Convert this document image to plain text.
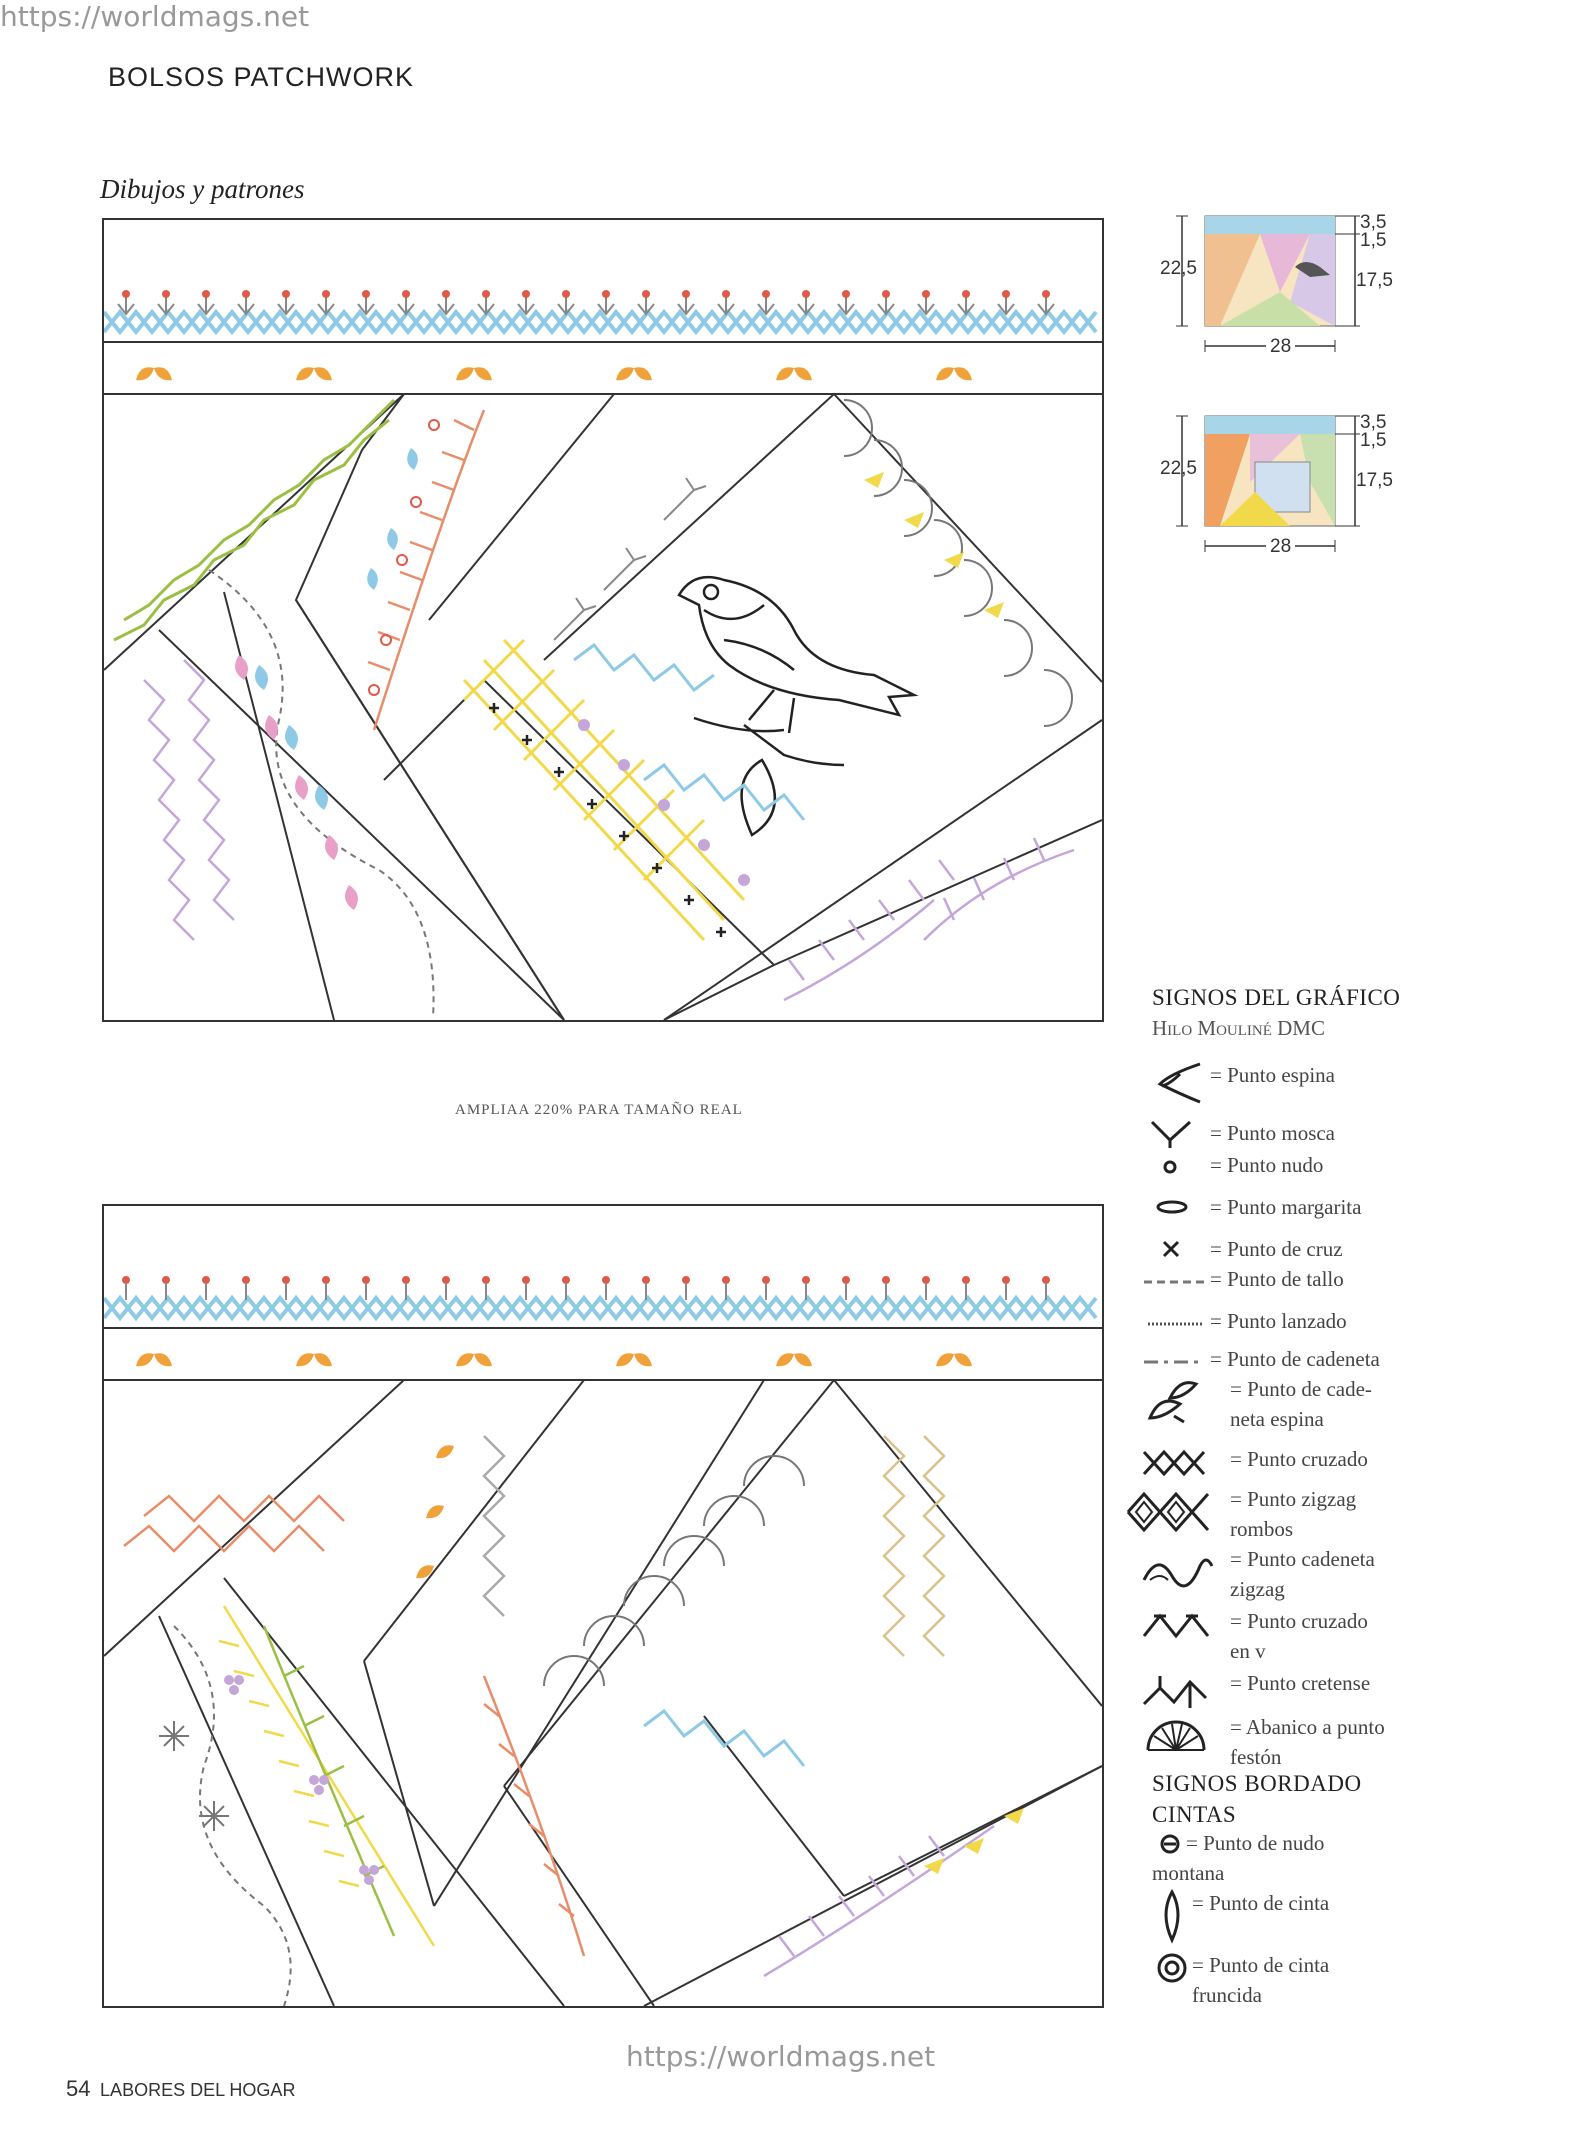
https://worldmags.net
https://worldmags.net
BOLSOS PATCHWORK
Dibujos y patrones
AMPLIAA 220% PARA TAMAÑO REAL
22,5
3,5
1,5
17,5
28
22,5
3,5
1,5
17,5
28
SIGNOS DEL GRÁFICO
Hilo Mouliné DMC
= Punto espina
= Punto mosca
= Punto nudo
= Punto margarita
= Punto de cruz
= Punto de tallo
= Punto lanzado
= Punto de cadeneta
= Punto de cade-
neta espina
= Punto cruzado
= Punto zigzag
rombos
= Punto cadeneta
zigzag
= Punto cruzado
en v
= Punto cretense
= Abanico a punto
festón
SIGNOS BORDADO
CINTAS
= Punto de nudo
montana
= Punto de cinta
= Punto de cinta
fruncida
54 LABORES DEL HOGAR
